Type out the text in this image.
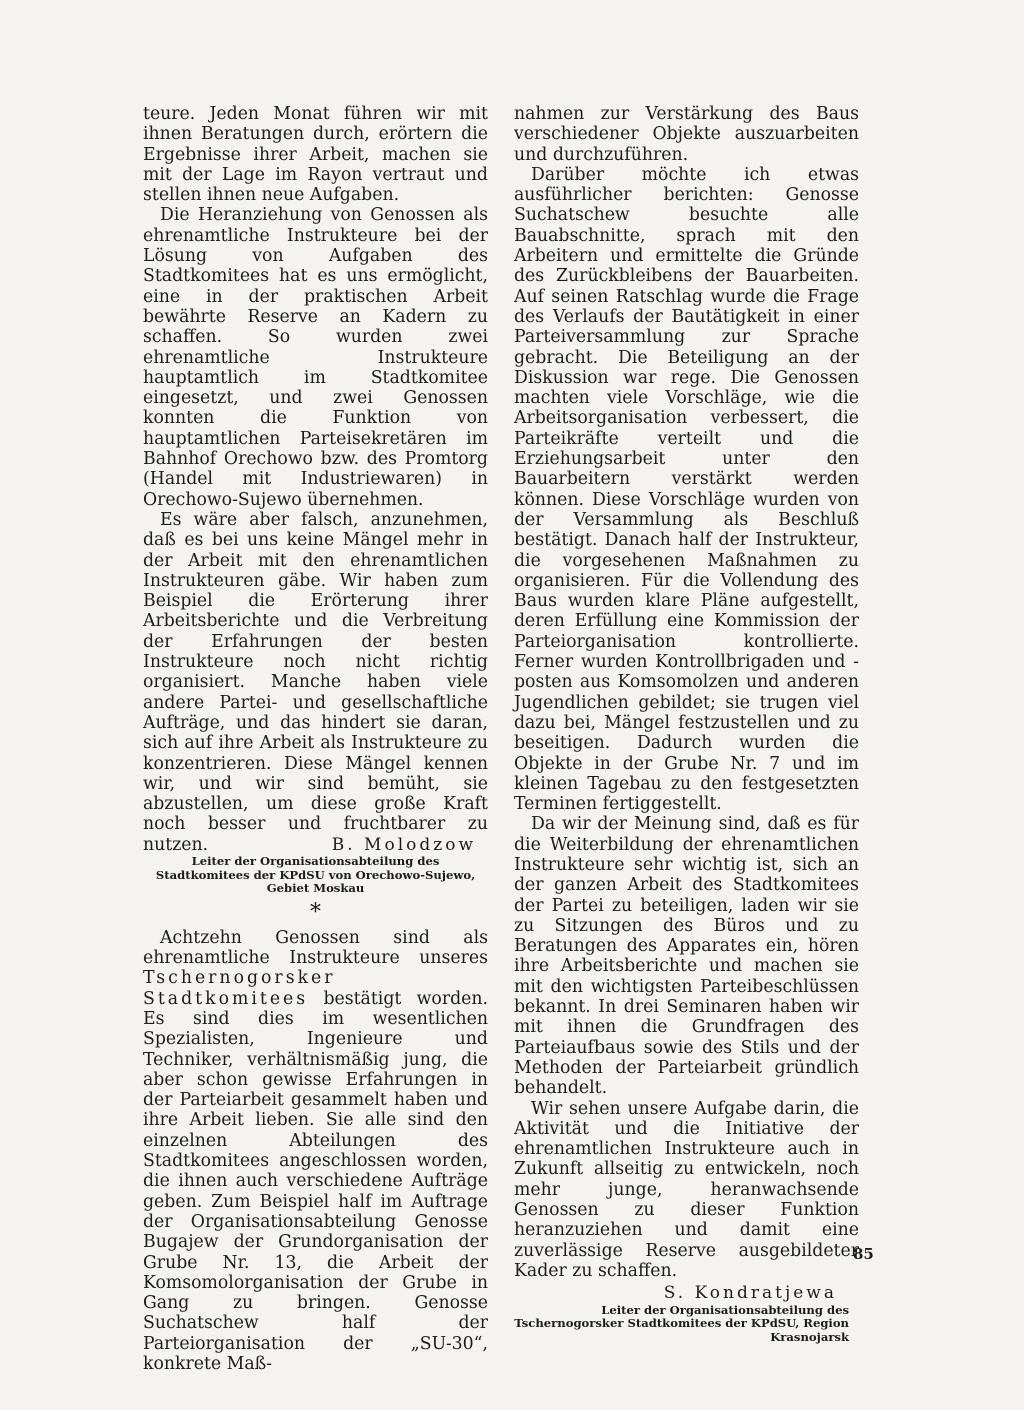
teure. Jeden Monat führen wir mit ihnen Beratungen durch, erörtern die Ergebnisse ihrer Arbeit, machen sie mit der Lage im Rayon vertraut und stellen ihnen neue Aufgaben.

Die Heranziehung von Genossen als ehrenamtliche Instrukteure bei der Lösung von Aufgaben des Stadtkomitees hat es uns ermöglicht, eine in der praktischen Arbeit bewährte Reserve an Kadern zu schaffen. So wurden zwei ehrenamtliche Instrukteure hauptamtlich im Stadtkomitee eingesetzt, und zwei Genossen konnten die Funktion von hauptamtlichen Parteisekretären im Bahnhof Orechowo bzw. des Promtorg (Handel mit Industriewaren) in Orechowo-Sujewo übernehmen.

Es wäre aber falsch, anzunehmen, daß es bei uns keine Mängel mehr in der Arbeit mit den ehrenamtlichen Instrukteuren gäbe. Wir haben zum Beispiel die Erörterung ihrer Arbeitsberichte und die Verbreitung der Erfahrungen der besten Instrukteure noch nicht richtig organisiert. Manche haben viele andere Partei- und gesellschaftliche Aufträge, und das hindert sie daran, sich auf ihre Arbeit als Instrukteure zu konzentrieren. Diese Mängel kennen wir, und wir sind bemüht, sie abzustellen, um diese große Kraft noch besser und fruchtbarer zu nutzen.	B. Molodzow

Leiter der Organisationsabteilung des Stadtkomitees der KPdSU von Orechowo-Sujewo, Gebiet Moskau

*

Achtzehn Genossen sind als ehrenamtliche Instrukteure unseres Tschernogorsker Stadtkomitees bestätigt worden. Es sind dies im wesentlichen Spezialisten, Ingenieure und Techniker, verhältnismäßig jung, die aber schon gewisse Erfahrungen in der Parteiarbeit gesammelt haben und ihre Arbeit lieben. Sie alle sind den einzelnen Abteilungen des Stadtkomitees angeschlossen worden, die ihnen auch verschiedene Aufträge geben. Zum Beispiel half im Auftrage der Organisationsabteilung Genosse Bugajew der Grundorganisation der Grube Nr. 13, die Arbeit der Komsomolorganisation der Grube in Gang zu bringen. Genosse Suchatschew half der Parteiorganisation der „SU-30“, konkrete Maß-

nahmen zur Verstärkung des Baus verschiedener Objekte auszuarbeiten und durchzuführen.

Darüber möchte ich etwas ausführlicher berichten: Genosse Suchatschew besuchte alle Bauabschnitte, sprach mit den Arbeitern und ermittelte die Gründe des Zurückbleibens der Bauarbeiten. Auf seinen Ratschlag wurde die Frage des Verlaufs der Bautätigkeit in einer Parteiversammlung zur Sprache gebracht. Die Beteiligung an der Diskussion war rege. Die Genossen machten viele Vorschläge, wie die Arbeitsorganisation verbessert, die Parteikräfte verteilt und die Erziehungsarbeit unter den Bauarbeitern verstärkt werden können. Diese Vorschläge wurden von der Versammlung als Beschluß bestätigt. Danach half der Instrukteur, die vorgesehenen Maßnahmen zu organisieren. Für die Vollendung des Baus wurden klare Pläne aufgestellt, deren Erfüllung eine Kommission der Parteiorganisation kontrollierte. Ferner wurden Kontrollbrigaden und -posten aus Komsomolzen und anderen Jugendlichen gebildet; sie trugen viel dazu bei, Mängel festzustellen und zu beseitigen. Dadurch wurden die Objekte in der Grube Nr. 7 und im kleinen Tagebau zu den festgesetzten Terminen fertiggestellt.

Da wir der Meinung sind, daß es für die Weiterbildung der ehrenamtlichen Instrukteure sehr wichtig ist, sich an der ganzen Arbeit des Stadtkomitees der Partei zu beteiligen, laden wir sie zu Sitzungen des Büros und zu Beratungen des Apparates ein, hören ihre Arbeitsberichte und machen sie mit den wichtigsten Parteibeschlüssen bekannt. In drei Seminaren haben wir mit ihnen die Grundfragen des Parteiaufbaus sowie des Stils und der Methoden der Parteiarbeit gründlich behandelt.

Wir sehen unsere Aufgabe darin, die Aktivität und die Initiative der ehrenamtlichen Instrukteure auch in Zukunft allseitig zu entwickeln, noch mehr junge, heranwachsende Genossen zu dieser Funktion heranzuziehen und damit eine zuverlässige Reserve ausgebildeter Kader zu schaffen.

S. Kondratjewa

Leiter der Organisationsabteilung des Tschernogorsker Stadtkomitees der KPdSU, Region Krasnojarsk

85
